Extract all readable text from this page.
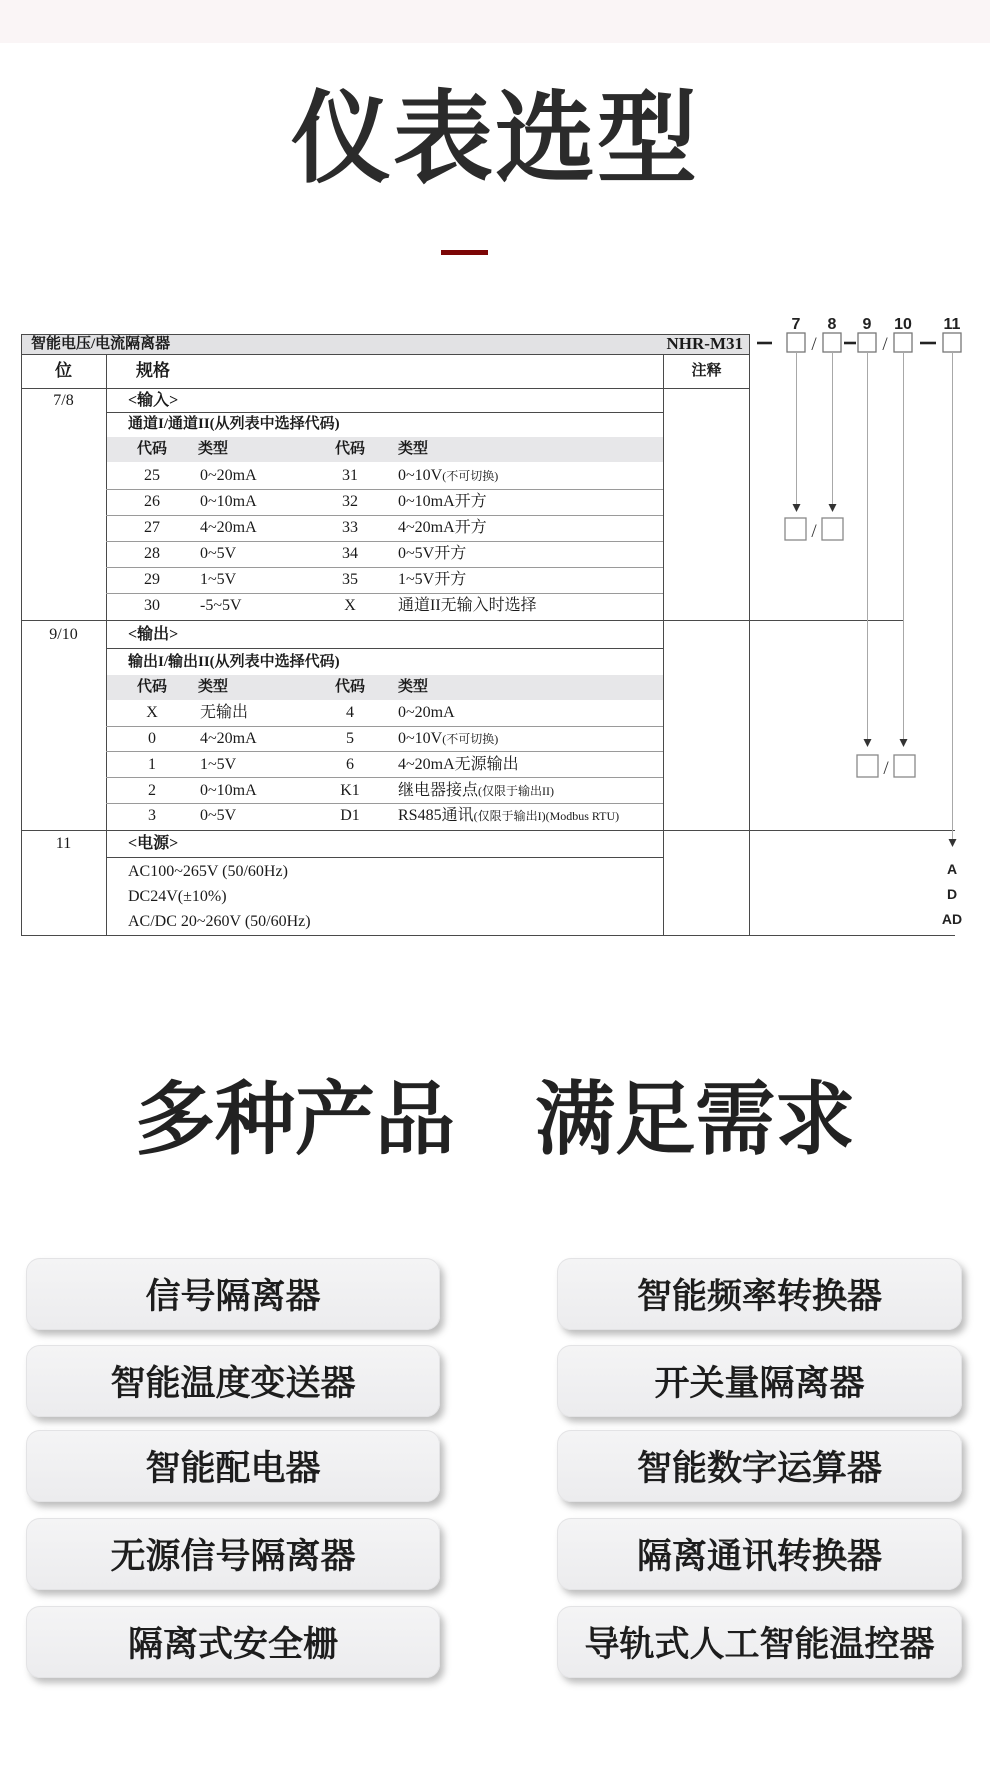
仪表选型
7 8 9 10 11
/	/
/
/
A
D
AD
智能电压/电流隔离器	NHR-M31
位	规格	注释
7/8	<输入>
通道I/通道II(从列表中选择代码)
代码	类型	代码	类型
25	0~20mA	31	0~10V(不可切换)
26	0~10mA	32	0~10mA开方
27	4~20mA	33	4~20mA开方
28	0~5V	34	0~5V开方
29	1~5V	35	1~5V开方
30	-5~5V	X	通道II无输入时选择
9/10	<输出>
输出I/输出II(从列表中选择代码)
代码	类型	代码	类型
X	无输出	4	0~20mA
0	4~20mA	5	0~10V(不可切换)
1	1~5V	6	4~20mA无源输出
2	0~10mA	K1	继电器接点(仅限于输出II)
3	0~5V	D1	RS485通讯(仅限于输出I)(Modbus RTU)
11	<电源>
AC100~265V (50/60Hz)
DC24V(±10%)
AC/DC 20~260V (50/60Hz)
多种产品　满足需求
信号隔离器
智能温度变送器
智能配电器
无源信号隔离器
隔离式安全栅
智能频率转换器
开关量隔离器
智能数字运算器
隔离通讯转换器
导轨式人工智能温控器
